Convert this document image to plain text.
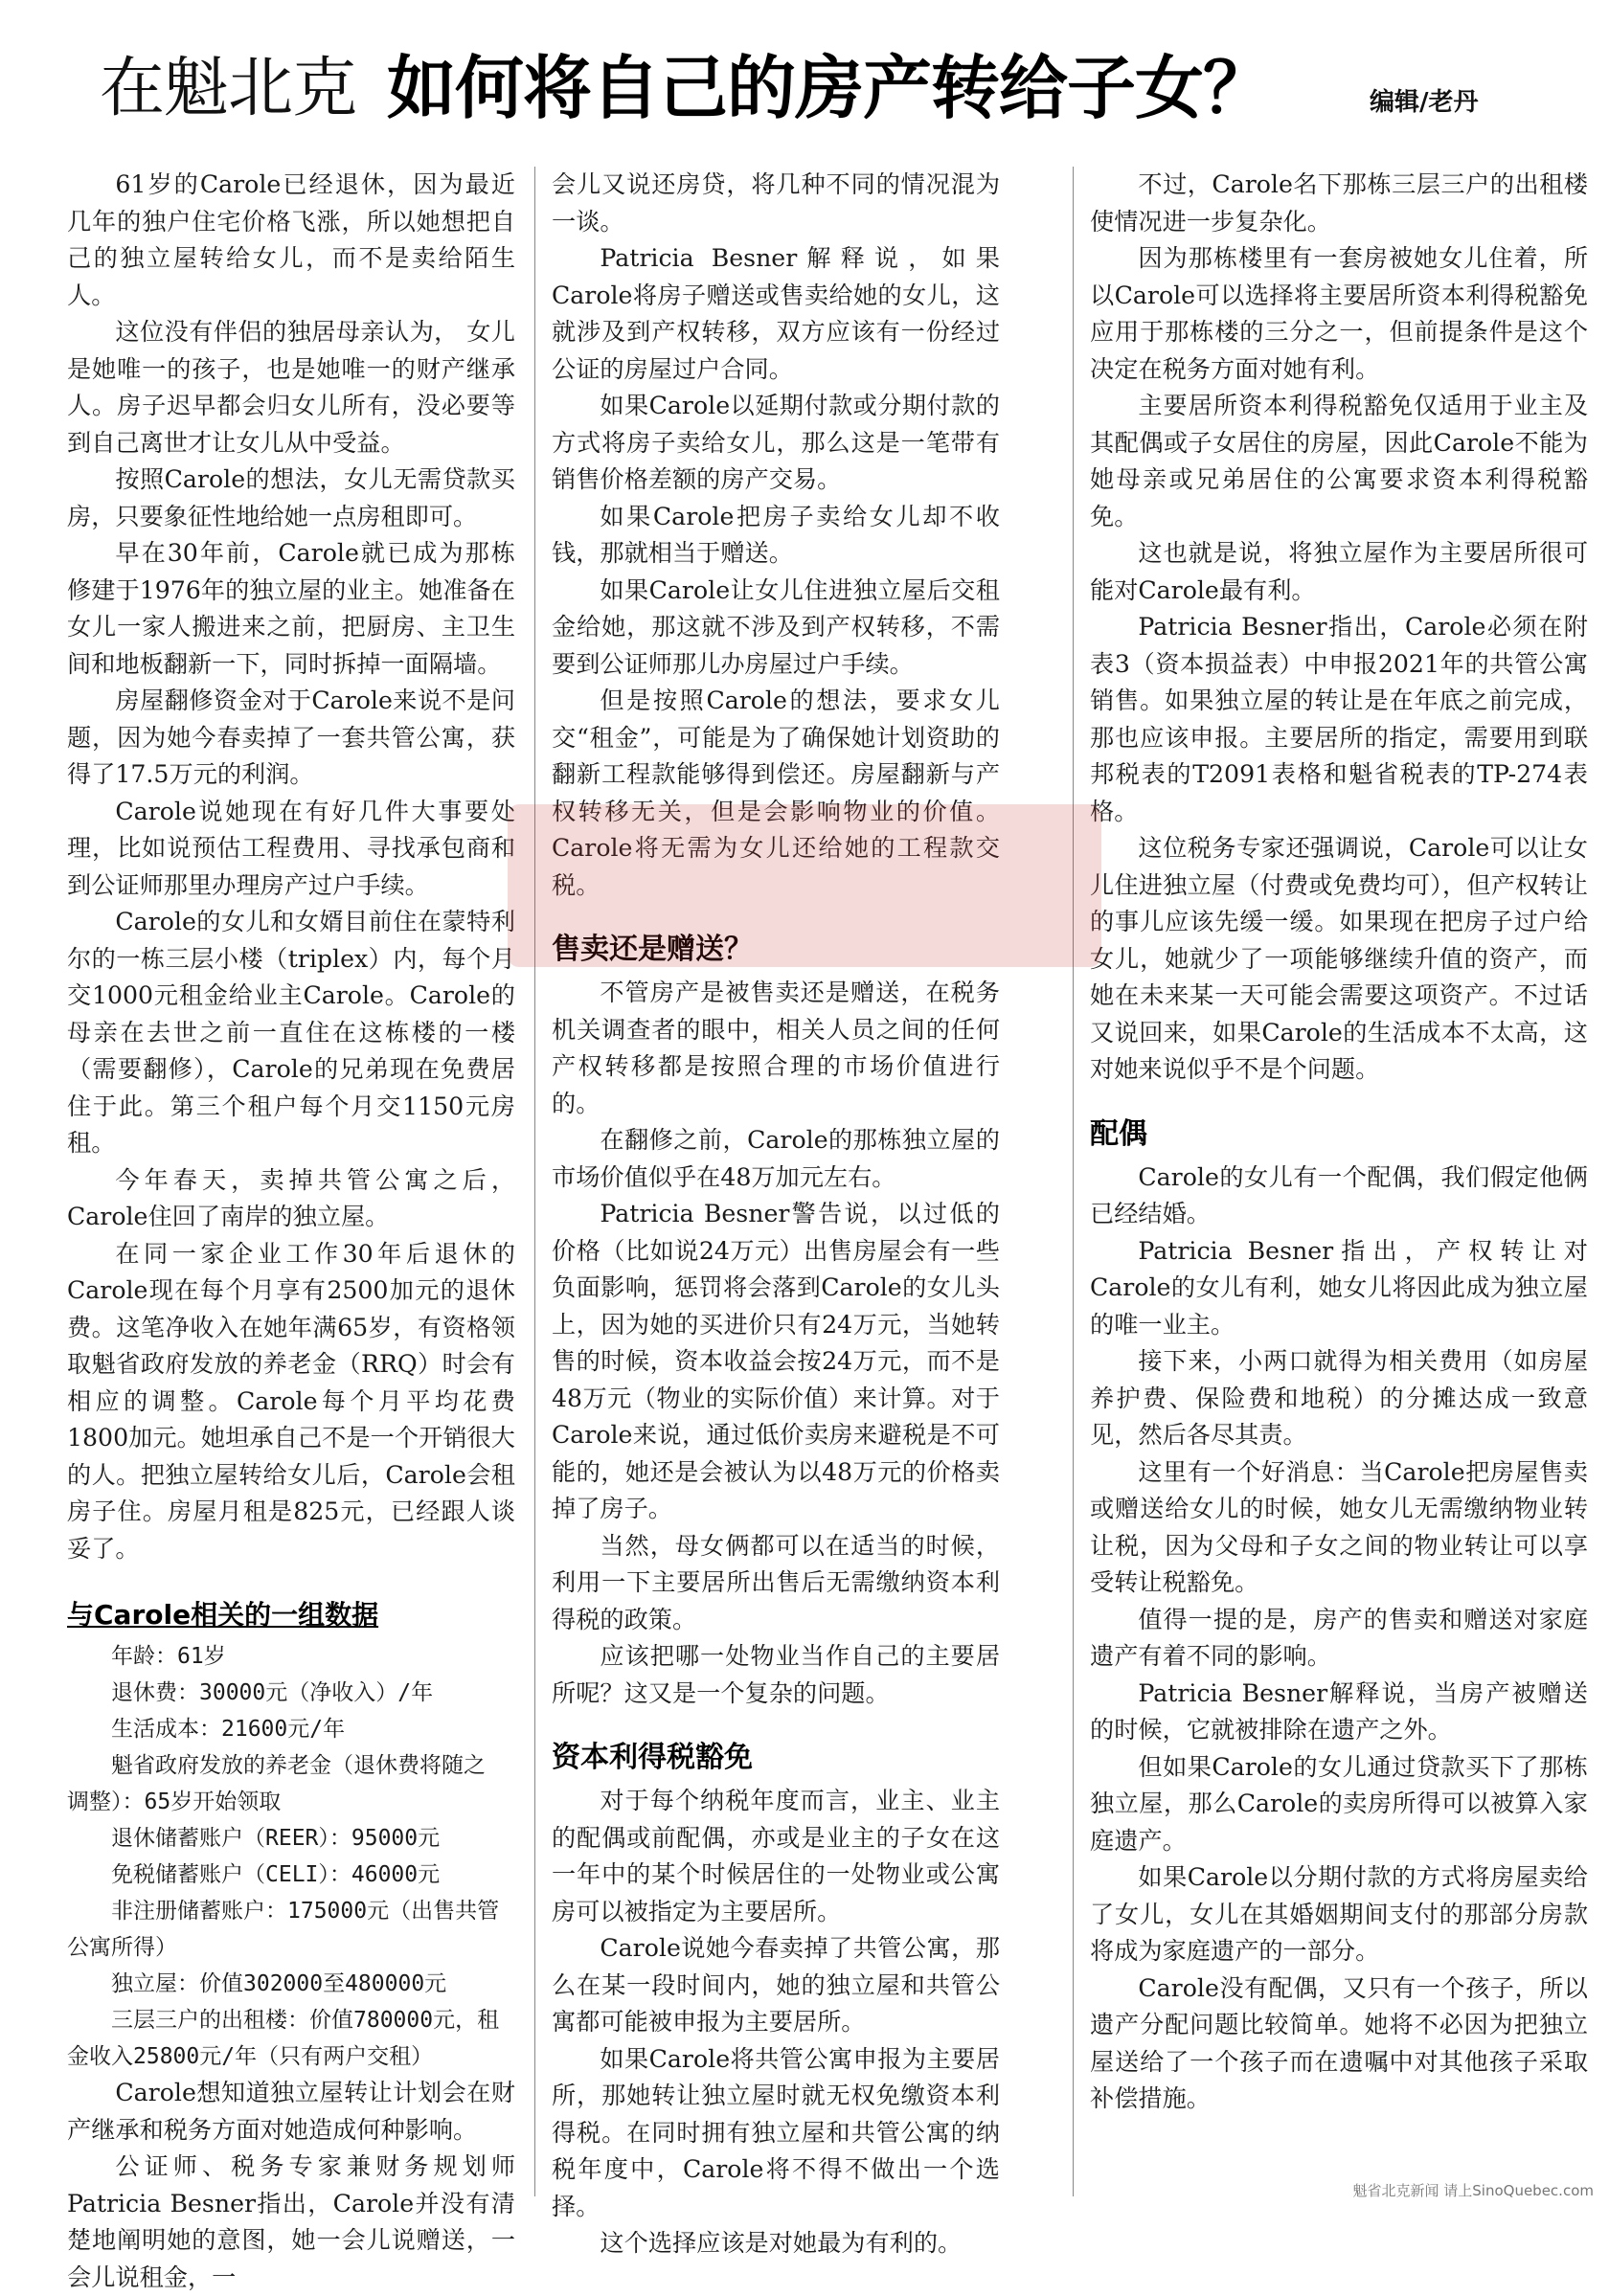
在魁北克 如何将自己的房产转给子女？	编辑/老丹

61岁的Carole已经退休，因为最近几年的独户住宅价格飞涨，所以她想把自己的独立屋转给女儿，而不是卖给陌生人。

这位没有伴侣的独居母亲认为， 女儿是她唯一的孩子，也是她唯一的财产继承人。房子迟早都会归女儿所有，没必要等到自己离世才让女儿从中受益。

按照Carole的想法，女儿无需贷款买房，只要象征性地给她一点房租即可。

早在30年前，Carole就已成为那栋修建于1976年的独立屋的业主。她准备在女儿一家人搬进来之前，把厨房、主卫生间和地板翻新一下，同时拆掉一面隔墙。

房屋翻修资金对于Carole来说不是问题，因为她今春卖掉了一套共管公寓，获得了17.5万元的利润。

Carole说她现在有好几件大事要处理，比如说预估工程费用、寻找承包商和到公证师那里办理房产过户手续。

Carole的女儿和女婿目前住在蒙特利尔的一栋三层小楼（triplex）内，每个月交1000元租金给业主Carole。Carole的母亲在去世之前一直住在这栋楼的一楼（需要翻修），Carole的兄弟现在免费居住于此。第三个租户每个月交1150元房租。

今年春天，卖掉共管公寓之后，Carole住回了南岸的独立屋。

在同一家企业工作30年后退休的Carole现在每个月享有2500加元的退休费。这笔净收入在她年满65岁，有资格领取魁省政府发放的养老金（RRQ）时会有相应的调整。Carole每个月平均花费1800加元。她坦承自己不是一个开销很大的人。把独立屋转给女儿后，Carole会租房子住。房屋月租是825元，已经跟人谈妥了。

与Carole相关的一组数据
年龄：61岁
退休费：30000元（净收入）/年
生活成本：21600元/年
魁省政府发放的养老金（退休费将随之
调整）：65岁开始领取
退休储蓄账户（REER）：95000元
免税储蓄账户（CELI）：46000元
非注册储蓄账户：175000元（出售共管
公寓所得）
独立屋：价值302000至480000元
三层三户的出租楼：价值780000元，租
金收入25800元/年（只有两户交租）

Carole想知道独立屋转让计划会在财产继承和税务方面对她造成何种影响。

公证师、税务专家兼财务规划师Patricia Besner指出，Carole并没有清楚地阐明她的意图，她一会儿说赠送，一会儿说租金，一

会儿又说还房贷，将几种不同的情况混为一谈。

Patricia Besner解释说，如果Carole将房子赠送或售卖给她的女儿，这就涉及到产权转移，双方应该有一份经过公证的房屋过户合同。

如果Carole以延期付款或分期付款的方式将房子卖给女儿，那么这是一笔带有销售价格差额的房产交易。

如果Carole把房子卖给女儿却不收钱，那就相当于赠送。

如果Carole让女儿住进独立屋后交租金给她，那这就不涉及到产权转移，不需要到公证师那儿办房屋过户手续。

但是按照Carole的想法，要求女儿交“租金”，可能是为了确保她计划资助的翻新工程款能够得到偿还。房屋翻新与产权转移无关，但是会影响物业的价值。Carole将无需为女儿还给她的工程款交税。

售卖还是赠送？

不管房产是被售卖还是赠送，在税务机关调查者的眼中，相关人员之间的任何产权转移都是按照合理的市场价值进行的。

在翻修之前，Carole的那栋独立屋的市场价值似乎在48万加元左右。

Patricia Besner警告说，以过低的价格（比如说24万元）出售房屋会有一些负面影响，惩罚将会落到Carole的女儿头上，因为她的买进价只有24万元，当她转售的时候，资本收益会按24万元，而不是48万元（物业的实际价值）来计算。对于Carole来说，通过低价卖房来避税是不可能的，她还是会被认为以48万元的价格卖掉了房子。

当然，母女俩都可以在适当的时候，利用一下主要居所出售后无需缴纳资本利得税的政策。

应该把哪一处物业当作自己的主要居所呢？这又是一个复杂的问题。

资本利得税豁免

对于每个纳税年度而言，业主、业主的配偶或前配偶，亦或是业主的子女在这一年中的某个时候居住的一处物业或公寓房可以被指定为主要居所。

Carole说她今春卖掉了共管公寓，那么在某一段时间内，她的独立屋和共管公寓都可能被申报为主要居所。

如果Carole将共管公寓申报为主要居所，那她转让独立屋时就无权免缴资本利得税。在同时拥有独立屋和共管公寓的纳税年度中，Carole将不得不做出一个选择。

这个选择应该是对她最为有利的。

不过，Carole名下那栋三层三户的出租楼使情况进一步复杂化。

因为那栋楼里有一套房被她女儿住着，所以Carole可以选择将主要居所资本利得税豁免应用于那栋楼的三分之一，但前提条件是这个决定在税务方面对她有利。

主要居所资本利得税豁免仅适用于业主及其配偶或子女居住的房屋，因此Carole不能为她母亲或兄弟居住的公寓要求资本利得税豁免。

这也就是说，将独立屋作为主要居所很可能对Carole最有利。

Patricia Besner指出，Carole必须在附表3（资本损益表）中申报2021年的共管公寓销售。如果独立屋的转让是在年底之前完成，那也应该申报。主要居所的指定，需要用到联邦税表的T2091表格和魁省税表的TP-274表格。

这位税务专家还强调说，Carole可以让女儿住进独立屋（付费或免费均可），但产权转让的事儿应该先缓一缓。如果现在把房子过户给女儿，她就少了一项能够继续升值的资产，而她在未来某一天可能会需要这项资产。不过话又说回来，如果Carole的生活成本不太高，这对她来说似乎不是个问题。

配偶

Carole的女儿有一个配偶，我们假定他俩已经结婚。

Patricia Besner指出，产权转让对Carole的女儿有利，她女儿将因此成为独立屋的唯一业主。

接下来，小两口就得为相关费用（如房屋养护费、保险费和地税）的分摊达成一致意见，然后各尽其责。

这里有一个好消息：当Carole把房屋售卖或赠送给女儿的时候，她女儿无需缴纳物业转让税，因为父母和子女之间的物业转让可以享受转让税豁免。

值得一提的是，房产的售卖和赠送对家庭遗产有着不同的影响。

Patricia Besner解释说，当房产被赠送的时候，它就被排除在遗产之外。

但如果Carole的女儿通过贷款买下了那栋独立屋，那么Carole的卖房所得可以被算入家庭遗产。

如果Carole以分期付款的方式将房屋卖给了女儿，女儿在其婚姻期间支付的那部分房款将成为家庭遗产的一部分。

Carole没有配偶，又只有一个孩子，所以遗产分配问题比较简单。她将不必因为把独立屋送给了一个孩子而在遗嘱中对其他孩子采取补偿措施。

魁省北克新闻 请上SinoQuebec.com
